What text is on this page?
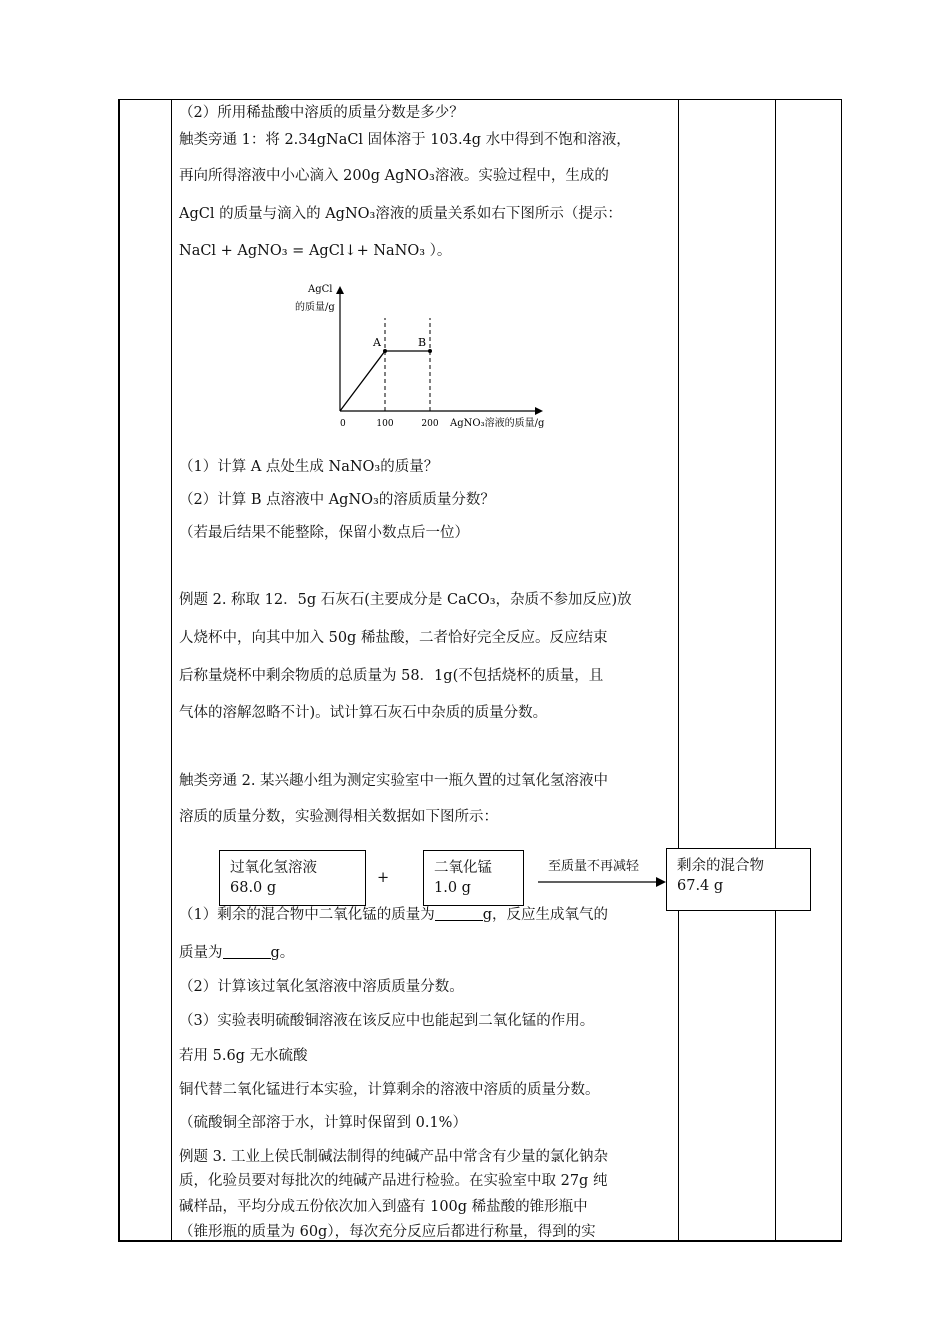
（2）所用稀盐酸中溶质的质量分数是多少？
触类旁通 1：将 2.34gNaCl 固体溶于 103.4g 水中得到不饱和溶液，
再向所得溶液中小心滴入 200g AgNO₃溶液。实验过程中，生成的
AgCl 的质量与滴入的 AgNO₃溶液的质量关系如右下图所示（提示：
NaCl + AgNO₃ = AgCl↓+ NaNO₃ ）。
AgCl
的质量/g
AgNO₃溶液的质量/g
0	100	200
A	B
（1）计算 A 点处生成 NaNO₃的质量？
（2）计算 B 点溶液中 AgNO₃的溶质质量分数？
（若最后结果不能整除，保留小数点后一位）
例题 2. 称取 12．5g 石灰石(主要成分是 CaCO₃，杂质不参加反应)放
人烧杯中，向其中加入 50g 稀盐酸，二者恰好完全反应。反应结束
后称量烧杯中剩余物质的总质量为 58．1g(不包括烧杯的质量，且
气体的溶解忽略不计)。试计算石灰石中杂质的质量分数。
触类旁通 2. 某兴趣小组为测定实验室中一瓶久置的过氧化氢溶液中
溶质的质量分数，实验测得相关数据如下图所示：
（1）剩余的混合物中二氧化锰的质量为	g，反应生成氧气的
质量为	g。
过氧化氢溶液
68.0 g
+
二氧化锰
1.0 g
至质量不再减轻	剩余的混合物
67.4 g
（2）计算该过氧化氢溶液中溶质质量分数。
（3）实验表明硫酸铜溶液在该反应中也能起到二氧化锰的作用。
若用 5.6g 无水硫酸
铜代替二氧化锰进行本实验，计算剩余的溶液中溶质的质量分数。
（硫酸铜全部溶于水，计算时保留到 0.1%）
例题 3. 工业上侯氏制碱法制得的纯碱产品中常含有少量的氯化钠杂
质，化验员要对每批次的纯碱产品进行检验。在实验室中取 27g 纯
碱样品，平均分成五份依次加入到盛有 100g 稀盐酸的锥形瓶中
（锥形瓶的质量为 60g），每次充分反应后都进行称量，得到的实
